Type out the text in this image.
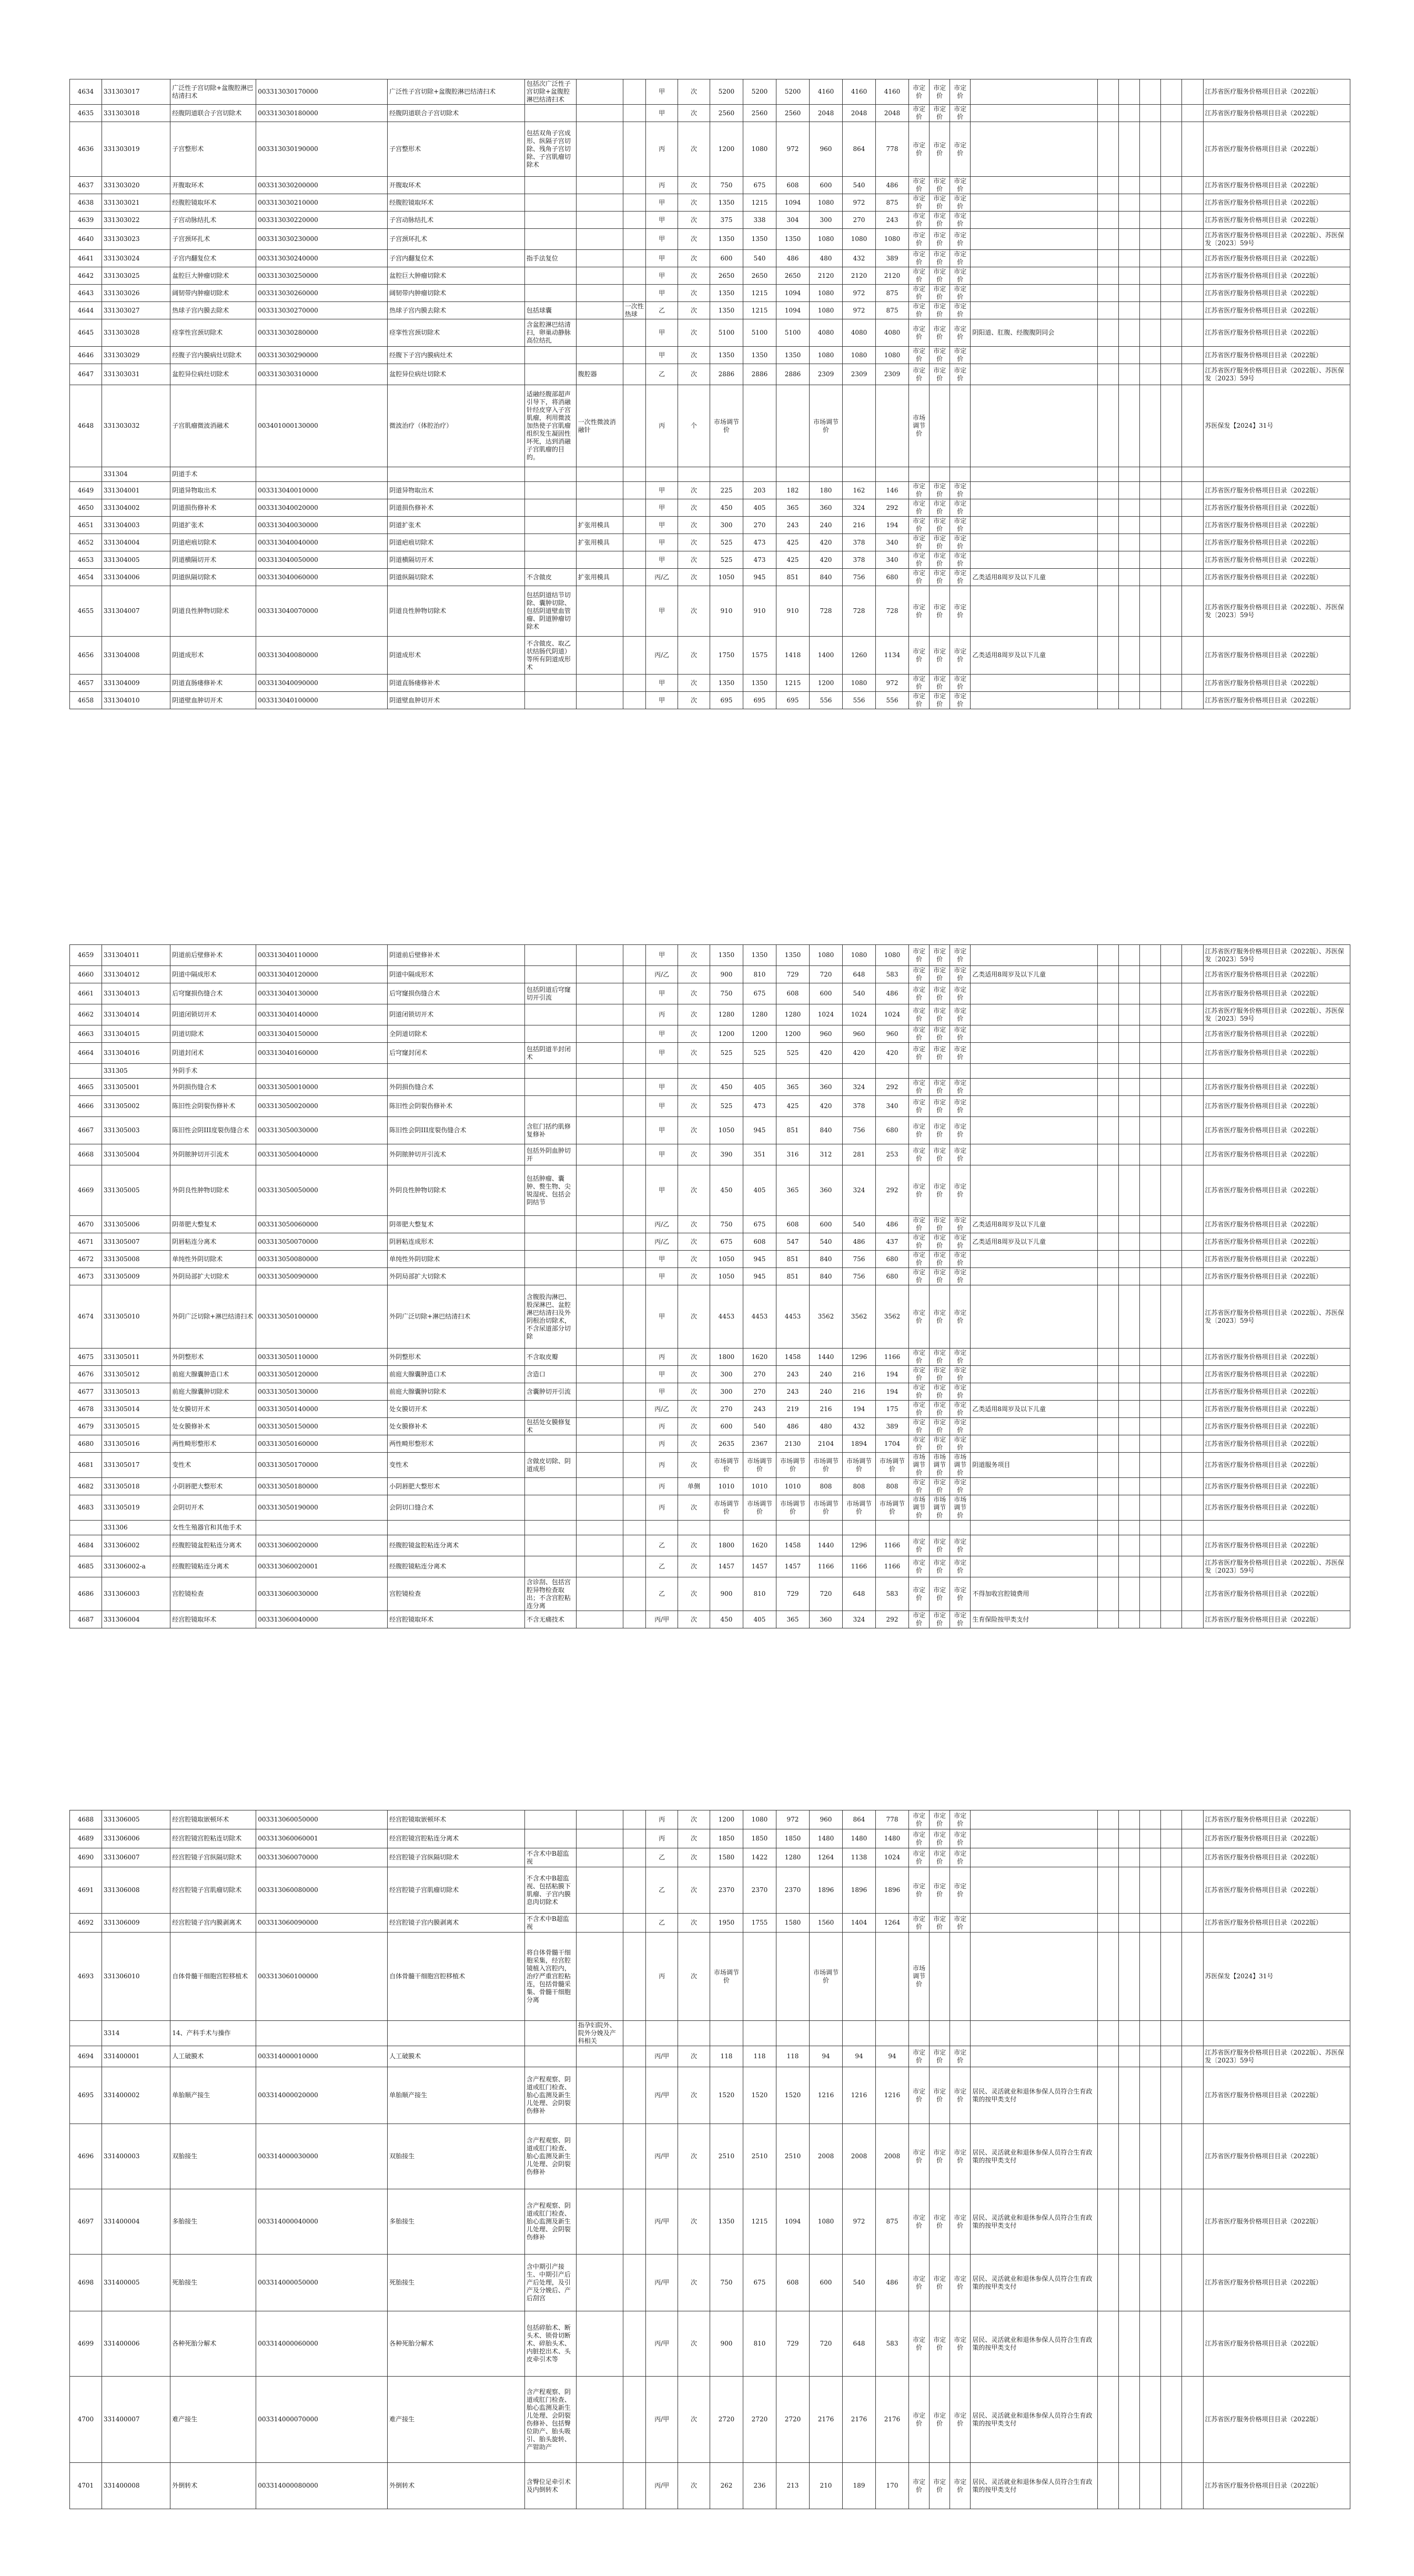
4634	331303017	广泛性子宫切除+盆腹腔淋巴结清扫术	003313030170000	广泛性子宫切除+盆腹腔淋巴结清扫术	包括次广泛性子宫切除+盆腹腔淋巴结清扫术			甲	次	5200	5200	5200	4160	4160	4160	市定价	市定价	市定价							江苏省医疗服务价格项目目录（2022版）
4635	331303018	经腹阴道联合子宫切除术	003313030180000	经腹阴道联合子宫切除术				甲	次	2560	2560	2560	2048	2048	2048	市定价	市定价	市定价							江苏省医疗服务价格项目目录（2022版）
4636	331303019	子宫整形术	003313030190000	子宫整形术	包括双角子宫成形、纵隔子宫切除、残角子宫切除、子宫肌瘤切除术			丙	次	1200	1080	972	960	864	778	市定价	市定价	市定价							江苏省医疗服务价格项目目录（2022版）
4637	331303020	开腹取环术	003313030200000	开腹取环术				丙	次	750	675	608	600	540	486	市定价	市定价	市定价							江苏省医疗服务价格项目目录（2022版）
4638	331303021	经腹腔镜取环术	003313030210000	经腹腔镜取环术				甲	次	1350	1215	1094	1080	972	875	市定价	市定价	市定价							江苏省医疗服务价格项目目录（2022版）
4639	331303022	子宫动脉结扎术	003313030220000	子宫动脉结扎术				甲	次	375	338	304	300	270	243	市定价	市定价	市定价							江苏省医疗服务价格项目目录（2022版）
4640	331303023	子宫颈环扎术	003313030230000	子宫颈环扎术				甲	次	1350	1350	1350	1080	1080	1080	市定价	市定价	市定价							江苏省医疗服务价格项目目录（2022版）、苏医保发〔2023〕59号
4641	331303024	子宫内翻复位术	003313030240000	子宫内翻复位术	指手法复位			甲	次	600	540	486	480	432	389	市定价	市定价	市定价							江苏省医疗服务价格项目目录（2022版）
4642	331303025	盆腔巨大肿瘤切除术	003313030250000	盆腔巨大肿瘤切除术				甲	次	2650	2650	2650	2120	2120	2120	市定价	市定价	市定价							江苏省医疗服务价格项目目录（2022版）
4643	331303026	阔韧带内肿瘤切除术	003313030260000	阔韧带内肿瘤切除术				甲	次	1350	1215	1094	1080	972	875	市定价	市定价	市定价							江苏省医疗服务价格项目目录（2022版）
4644	331303027	热球子宫内膜去除术	003313030270000	热球子宫内膜去除术	包括球囊		一次性热球	乙	次	1350	1215	1094	1080	972	875	市定价	市定价	市定价							江苏省医疗服务价格项目目录（2022版）
4645	331303028	痉挛性宫颈切除术	003313030280000	痉挛性宫颈切除术	含盆腔淋巴结清扫，卵巢动静脉高位结扎			甲	次	5100	5100	5100	4080	4080	4080	市定价	市定价	市定价	阴阳道、肛腹、经腹腹阴同会						江苏省医疗服务价格项目目录（2022版）
4646	331303029	经腹子宫内膜病灶切除术	003313030290000	经腹下子宫内膜病灶术				甲	次	1350	1350	1350	1080	1080	1080	市定价	市定价	市定价							江苏省医疗服务价格项目目录（2022版）
4647	331303031	盆腔异位病灶切除术	003313030310000	盆腔异位病灶切除术		腹腔器		乙	次	2886	2886	2886	2309	2309	2309	市定价	市定价	市定价							江苏省医疗服务价格项目目录（2022版）、苏医保发〔2023〕59号
4648	331303032	子宫肌瘤微波消融术	003401000130000	微波治疗（体腔治疗）	适融经腹部超声引导下，将消融针经皮穿入子宫肌瘤，利用微波加热使子宫肌瘤组织发生凝固性坏死，达到消融子宫肌瘤的目的。	一次性微波消融针		丙	个	市场调节价			市场调节价			市场调节价									苏医保发【2024】31号
	331304	阴道手术																							
4649	331304001	阴道异物取出术	003313040010000	阴道异物取出术				甲	次	225	203	182	180	162	146	市定价	市定价	市定价							江苏省医疗服务价格项目目录（2022版）
4650	331304002	阴道损伤修补术	003313040020000	阴道损伤修补术				甲	次	450	405	365	360	324	292	市定价	市定价	市定价							江苏省医疗服务价格项目目录（2022版）
4651	331304003	阴道扩张术	003313040030000	阴道扩张术		扩张用模具		甲	次	300	270	243	240	216	194	市定价	市定价	市定价							江苏省医疗服务价格项目目录（2022版）
4652	331304004	阴道疤痕切除术	003313040040000	阴道疤痕切除术		扩张用模具		甲	次	525	473	425	420	378	340	市定价	市定价	市定价							江苏省医疗服务价格项目目录（2022版）
4653	331304005	阴道横隔切开术	003313040050000	阴道横隔切开术				甲	次	525	473	425	420	378	340	市定价	市定价	市定价							江苏省医疗服务价格项目目录（2022版）
4654	331304006	阴道纵隔切除术	003313040060000	阴道纵隔切除术	不含做皮	扩张用模具		丙/乙	次	1050	945	851	840	756	680	市定价	市定价	市定价	乙类适用8周岁及以下儿童						江苏省医疗服务价格项目目录（2022版）
4655	331304007	阴道良性肿物切除术	003313040070000	阴道良性肿物切除术	包括阴道结节切除、囊肿切除、包括阴道壁血管瘤、阴道肿瘤切除术			甲	次	910	910	910	728	728	728	市定价	市定价	市定价							江苏省医疗服务价格项目目录（2022版）、苏医保发〔2023〕59号
4656	331304008	阴道成形术	003313040080000	阴道成形术	不含做皮、取乙状结肠代阴道）等所有阴道成形术			丙/乙	次	1750	1575	1418	1400	1260	1134	市定价	市定价	市定价	乙类适用8周岁及以下儿童						江苏省医疗服务价格项目目录（2022版）
4657	331304009	阴道直肠瘘修补术	003313040090000	阴道直肠瘘修补术				甲	次	1350	1350	1215	1200	1080	972	市定价	市定价	市定价							江苏省医疗服务价格项目目录（2022版）
4658	331304010	阴道壁血肿切开术	003313040100000	阴道壁血肿切开术				甲	次	695	695	695	556	556	556	市定价	市定价	市定价							江苏省医疗服务价格项目目录（2022版）
4659	331304011	阴道前后壁修补术	003313040110000	阴道前后壁修补术				甲	次	1350	1350	1350	1080	1080	1080	市定价	市定价	市定价							江苏省医疗服务价格项目目录（2022版）、苏医保发〔2023〕59号
4660	331304012	阴道中隔成形术	003313040120000	阴道中隔成形术				丙/乙	次	900	810	729	720	648	583	市定价	市定价	市定价	乙类适用8周岁及以下儿童						江苏省医疗服务价格项目目录（2022版）
4661	331304013	后穹窿损伤缝合术	003313040130000	后穹窿损伤缝合术	包括阴道后穹窿切开引流			甲	次	750	675	608	600	540	486	市定价	市定价	市定价							江苏省医疗服务价格项目目录（2022版）
4662	331304014	阴道闭锁切开术	003313040140000	阴道闭锁切开术				丙	次	1280	1280	1280	1024	1024	1024	市定价	市定价	市定价							江苏省医疗服务价格项目目录（2022版）、苏医保发〔2023〕59号
4663	331304015	阴道切除术	003313040150000	全阴道切除术				甲	次	1200	1200	1200	960	960	960	市定价	市定价	市定价							江苏省医疗服务价格项目目录（2022版）
4664	331304016	阴道封闭术	003313040160000	后穹窿封闭术	包括阴道半封闭术			甲	次	525	525	525	420	420	420	市定价	市定价	市定价							江苏省医疗服务价格项目目录（2022版）
	331305	外阴手术																							
4665	331305001	外阴损伤缝合术	003313050010000	外阴损伤缝合术				甲	次	450	405	365	360	324	292	市定价	市定价	市定价							江苏省医疗服务价格项目目录（2022版）
4666	331305002	陈旧性会阴裂伤修补术	003313050020000	陈旧性会阴裂伤修补术				甲	次	525	473	425	420	378	340	市定价	市定价	市定价							江苏省医疗服务价格项目目录（2022版）
4667	331305003	陈旧性会阴III度裂伤缝合术	003313050030000	陈旧性会阴III度裂伤缝合术	含肛门括约肌修复修补			甲	次	1050	945	851	840	756	680	市定价	市定价	市定价							江苏省医疗服务价格项目目录（2022版）
4668	331305004	外阴脓肿切开引流术	003313050040000	外阴脓肿切开引流术	包括外阴血肿切开			甲	次	390	351	316	312	281	253	市定价	市定价	市定价							江苏省医疗服务价格项目目录（2022版）
4669	331305005	外阴良性肿物切除术	003313050050000	外阴良性肿物切除术	包括肿瘤、囊肿、赘生物、尖锐湿疣、包括会阴结节			甲	次	450	405	365	360	324	292	市定价	市定价	市定价							江苏省医疗服务价格项目目录（2022版）
4670	331305006	阴蒂肥大整复术	003313050060000	阴蒂肥大整复术				丙/乙	次	750	675	608	600	540	486	市定价	市定价	市定价	乙类适用8周岁及以下儿童						江苏省医疗服务价格项目目录（2022版）
4671	331305007	阴唇粘连分离术	003313050070000	阴唇粘连成形术				丙/乙	次	675	608	547	540	486	437	市定价	市定价	市定价	乙类适用8周岁及以下儿童						江苏省医疗服务价格项目目录（2022版）
4672	331305008	单纯性外阴切除术	003313050080000	单纯性外阴切除术				甲	次	1050	945	851	840	756	680	市定价	市定价	市定价							江苏省医疗服务价格项目目录（2022版）
4673	331305009	外阴局部扩大切除术	003313050090000	外阴局部扩大切除术				甲	次	1050	945	851	840	756	680	市定价	市定价	市定价							江苏省医疗服务价格项目目录（2022版）
4674	331305010	外阴广泛切除+淋巴结清扫术	003313050100000	外阴广泛切除+淋巴结清扫术	含腹股沟淋巴、股深淋巴、盆腔淋巴结清扫及外阴根治切除术，不含尿道部分切除			甲	次	4453	4453	4453	3562	3562	3562	市定价	市定价	市定价							江苏省医疗服务价格项目目录（2022版）、苏医保发〔2023〕59号
4675	331305011	外阴整形术	003313050110000	外阴整形术	不含取皮瓣			丙	次	1800	1620	1458	1440	1296	1166	市定价	市定价	市定价							江苏省医疗服务价格项目目录（2022版）
4676	331305012	前庭大腺囊肿造口术	003313050120000	前庭大腺囊肿造口术	含造口			甲	次	300	270	243	240	216	194	市定价	市定价	市定价							江苏省医疗服务价格项目目录（2022版）
4677	331305013	前庭大腺囊肿切除术	003313050130000	前庭大腺囊肿切除术	含囊肿切开引流			甲	次	300	270	243	240	216	194	市定价	市定价	市定价							江苏省医疗服务价格项目目录（2022版）
4678	331305014	处女膜切开术	003313050140000	处女膜切开术				丙/乙	次	270	243	219	216	194	175	市定价	市定价	市定价	乙类适用8周岁及以下儿童						江苏省医疗服务价格项目目录（2022版）
4679	331305015	处女膜修补术	003313050150000	处女膜修补术	包括处女膜修复术			丙	次	600	540	486	480	432	389	市定价	市定价	市定价							江苏省医疗服务价格项目目录（2022版）
4680	331305016	两性畸形整形术	003313050160000	两性畸形整形术				丙	次	2635	2367	2130	2104	1894	1704	市定价	市定价	市定价							江苏省医疗服务价格项目目录（2022版）
4681	331305017	变性术	003313050170000	变性术	含做皮切除、阴道成形			丙	次	市场调节价	市场调节价	市场调节价	市场调节价	市场调节价	市场调节价	市场调节价	市场调节价	市场调节价	阴道服务项目						江苏省医疗服务价格项目目录（2022版）
4682	331305018	小阴唇肥大整形术	003313050180000	小阴唇肥大整形术				丙	单侧	1010	1010	1010	808	808	808	市定价	市定价	市定价							江苏省医疗服务价格项目目录（2022版）
4683	331305019	会阴切开术	003313050190000	会阴切口缝合术				丙	次	市场调节价	市场调节价	市场调节价	市场调节价	市场调节价	市场调节价	市场调节价	市场调节价	市场调节价							江苏省医疗服务价格项目目录（2022版）
	331306	女性生殖器官和其他手术																							
4684	331306002	经腹腔镜盆腔粘连分离术	003313060020000	经腹腔镜盆腔粘连分离术				乙	次	1800	1620	1458	1440	1296	1166	市定价	市定价	市定价							江苏省医疗服务价格项目目录（2022版）
4685	331306002-a	经腹腔镜粘连分离术	003313060020001	经腹腔镜粘连分离术				乙	次	1457	1457	1457	1166	1166	1166	市定价	市定价	市定价							江苏省医疗服务价格项目目录（2022版）、苏医保发〔2023〕59号
4686	331306003	宫腔镜检查	003313060030000	宫腔镜检查	含诊刮、包括宫腔异物检查取出；不含宫腔粘连分离			乙	次	900	810	729	720	648	583	市定价	市定价	市定价	不得加收宫腔镜费用						江苏省医疗服务价格项目目录（2022版）
4687	331306004	经宫腔镜取环术	003313060040000	经宫腔镜取环术	不含无痛技术			丙/甲	次	450	405	365	360	324	292	市定价	市定价	市定价	生育保险按甲类支付						江苏省医疗服务价格项目目录（2022版）
4688	331306005	经宫腔镜取嵌顿环术	003313060050000	经宫腔镜取嵌顿环术				丙	次	1200	1080	972	960	864	778	市定价	市定价	市定价							江苏省医疗服务价格项目目录（2022版）
4689	331306006	经宫腔镜宫腔粘连切除术	003313060060001	经宫腔镜宫腔粘连分离术				丙	次	1850	1850	1850	1480	1480	1480	市定价	市定价	市定价							江苏省医疗服务价格项目目录（2022版）
4690	331306007	经宫腔镜子宫纵隔切除术	003313060070000	经宫腔镜子宫纵隔切除术	不含术中B超监视			乙	次	1580	1422	1280	1264	1138	1024	市定价	市定价	市定价							江苏省医疗服务价格项目目录（2022版）
4691	331306008	经宫腔镜子宫肌瘤切除术	003313060080000	经宫腔镜子宫肌瘤切除术	不含术中B超监视、包括粘膜下肌瘤、子宫内膜息肉切除术			乙	次	2370	2370	2370	1896	1896	1896	市定价	市定价	市定价							江苏省医疗服务价格项目目录（2022版）
4692	331306009	经宫腔镜子宫内膜剥离术	003313060090000	经宫腔镜子宫内膜剥离术	不含术中B超监视			乙	次	1950	1755	1580	1560	1404	1264	市定价	市定价	市定价							江苏省医疗服务价格项目目录（2022版）
4693	331306010	自体骨髓干细胞宫腔移植术	003313060100000	自体骨髓干细胞宫腔移植术	将自体骨髓干细胞采集，经宫腔镜植入宫腔内，治疗严重宫腔粘连，包括骨髓采集、骨髓干细胞分离			丙	次	市场调节价			市场调节价			市场调节价									苏医保发【2024】31号
	3314	14、产科手术与操作				指孕妇院外、院外分娩及产科相关																			
4694	331400001	人工破膜术	003314000010000	人工破膜术				丙/甲	次	118	118	118	94	94	94	市定价	市定价	市定价							江苏省医疗服务价格项目目录（2022版）、苏医保发〔2023〕59号
4695	331400002	单胎顺产接生	003314000020000	单胎顺产接生	含产程观察、阴道或肛门检查、胎心监测及新生儿处理、会阴裂伤修补			丙/甲	次	1520	1520	1520	1216	1216	1216	市定价	市定价	市定价	居民、灵活就业和退休参保人员符合生育政策的按甲类支付						江苏省医疗服务价格项目目录（2022版）
4696	331400003	双胎接生	003314000030000	双胎接生	含产程观察、阴道或肛门检查、胎心监测及新生儿处理、会阴裂伤修补			丙/甲	次	2510	2510	2510	2008	2008	2008	市定价	市定价	市定价	居民、灵活就业和退休参保人员符合生育政策的按甲类支付						江苏省医疗服务价格项目目录（2022版）
4697	331400004	多胎接生	003314000040000	多胎接生	含产程观察、阴道或肛门检查、胎心监测及新生儿处理、会阴裂伤修补			丙/甲	次	1350	1215	1094	1080	972	875	市定价	市定价	市定价	居民、灵活就业和退休参保人员符合生育政策的按甲类支付						江苏省医疗服务价格项目目录（2022版）
4698	331400005	死胎接生	003314000050000	死胎接生	含中期引产接生、中期引产后产后处理，及引产及分娩后、产后刮宫			丙/甲	次	750	675	608	600	540	486	市定价	市定价	市定价	居民、灵活就业和退休参保人员符合生育政策的按甲类支付						江苏省医疗服务价格项目目录（2022版）
4699	331400006	各种死胎分解术	003314000060000	各种死胎分解术	包括碎胎术、断头术、锁骨切断术、碎胎头术、内脏挖出术、头皮牵引术等			丙/甲	次	900	810	729	720	648	583	市定价	市定价	市定价	居民、灵活就业和退休参保人员符合生育政策的按甲类支付						江苏省医疗服务价格项目目录（2022版）
4700	331400007	难产接生	003314000070000	难产接生	含产程观察、阴道或肛门检查、胎心监测及新生儿处理、会阴裂伤修补、包括臀位助产、胎头吸引、胎头旋转、产钳助产			丙/甲	次	2720	2720	2720	2176	2176	2176	市定价	市定价	市定价	居民、灵活就业和退休参保人员符合生育政策的按甲类支付						江苏省医疗服务价格项目目录（2022版）
4701	331400008	外倒转术	003314000080000	外倒转术	含臀位足牵引术及内倒转术			丙/甲	次	262	236	213	210	189	170	市定价	市定价	市定价	居民、灵活就业和退休参保人员符合生育政策的按甲类支付						江苏省医疗服务价格项目目录（2022版）
